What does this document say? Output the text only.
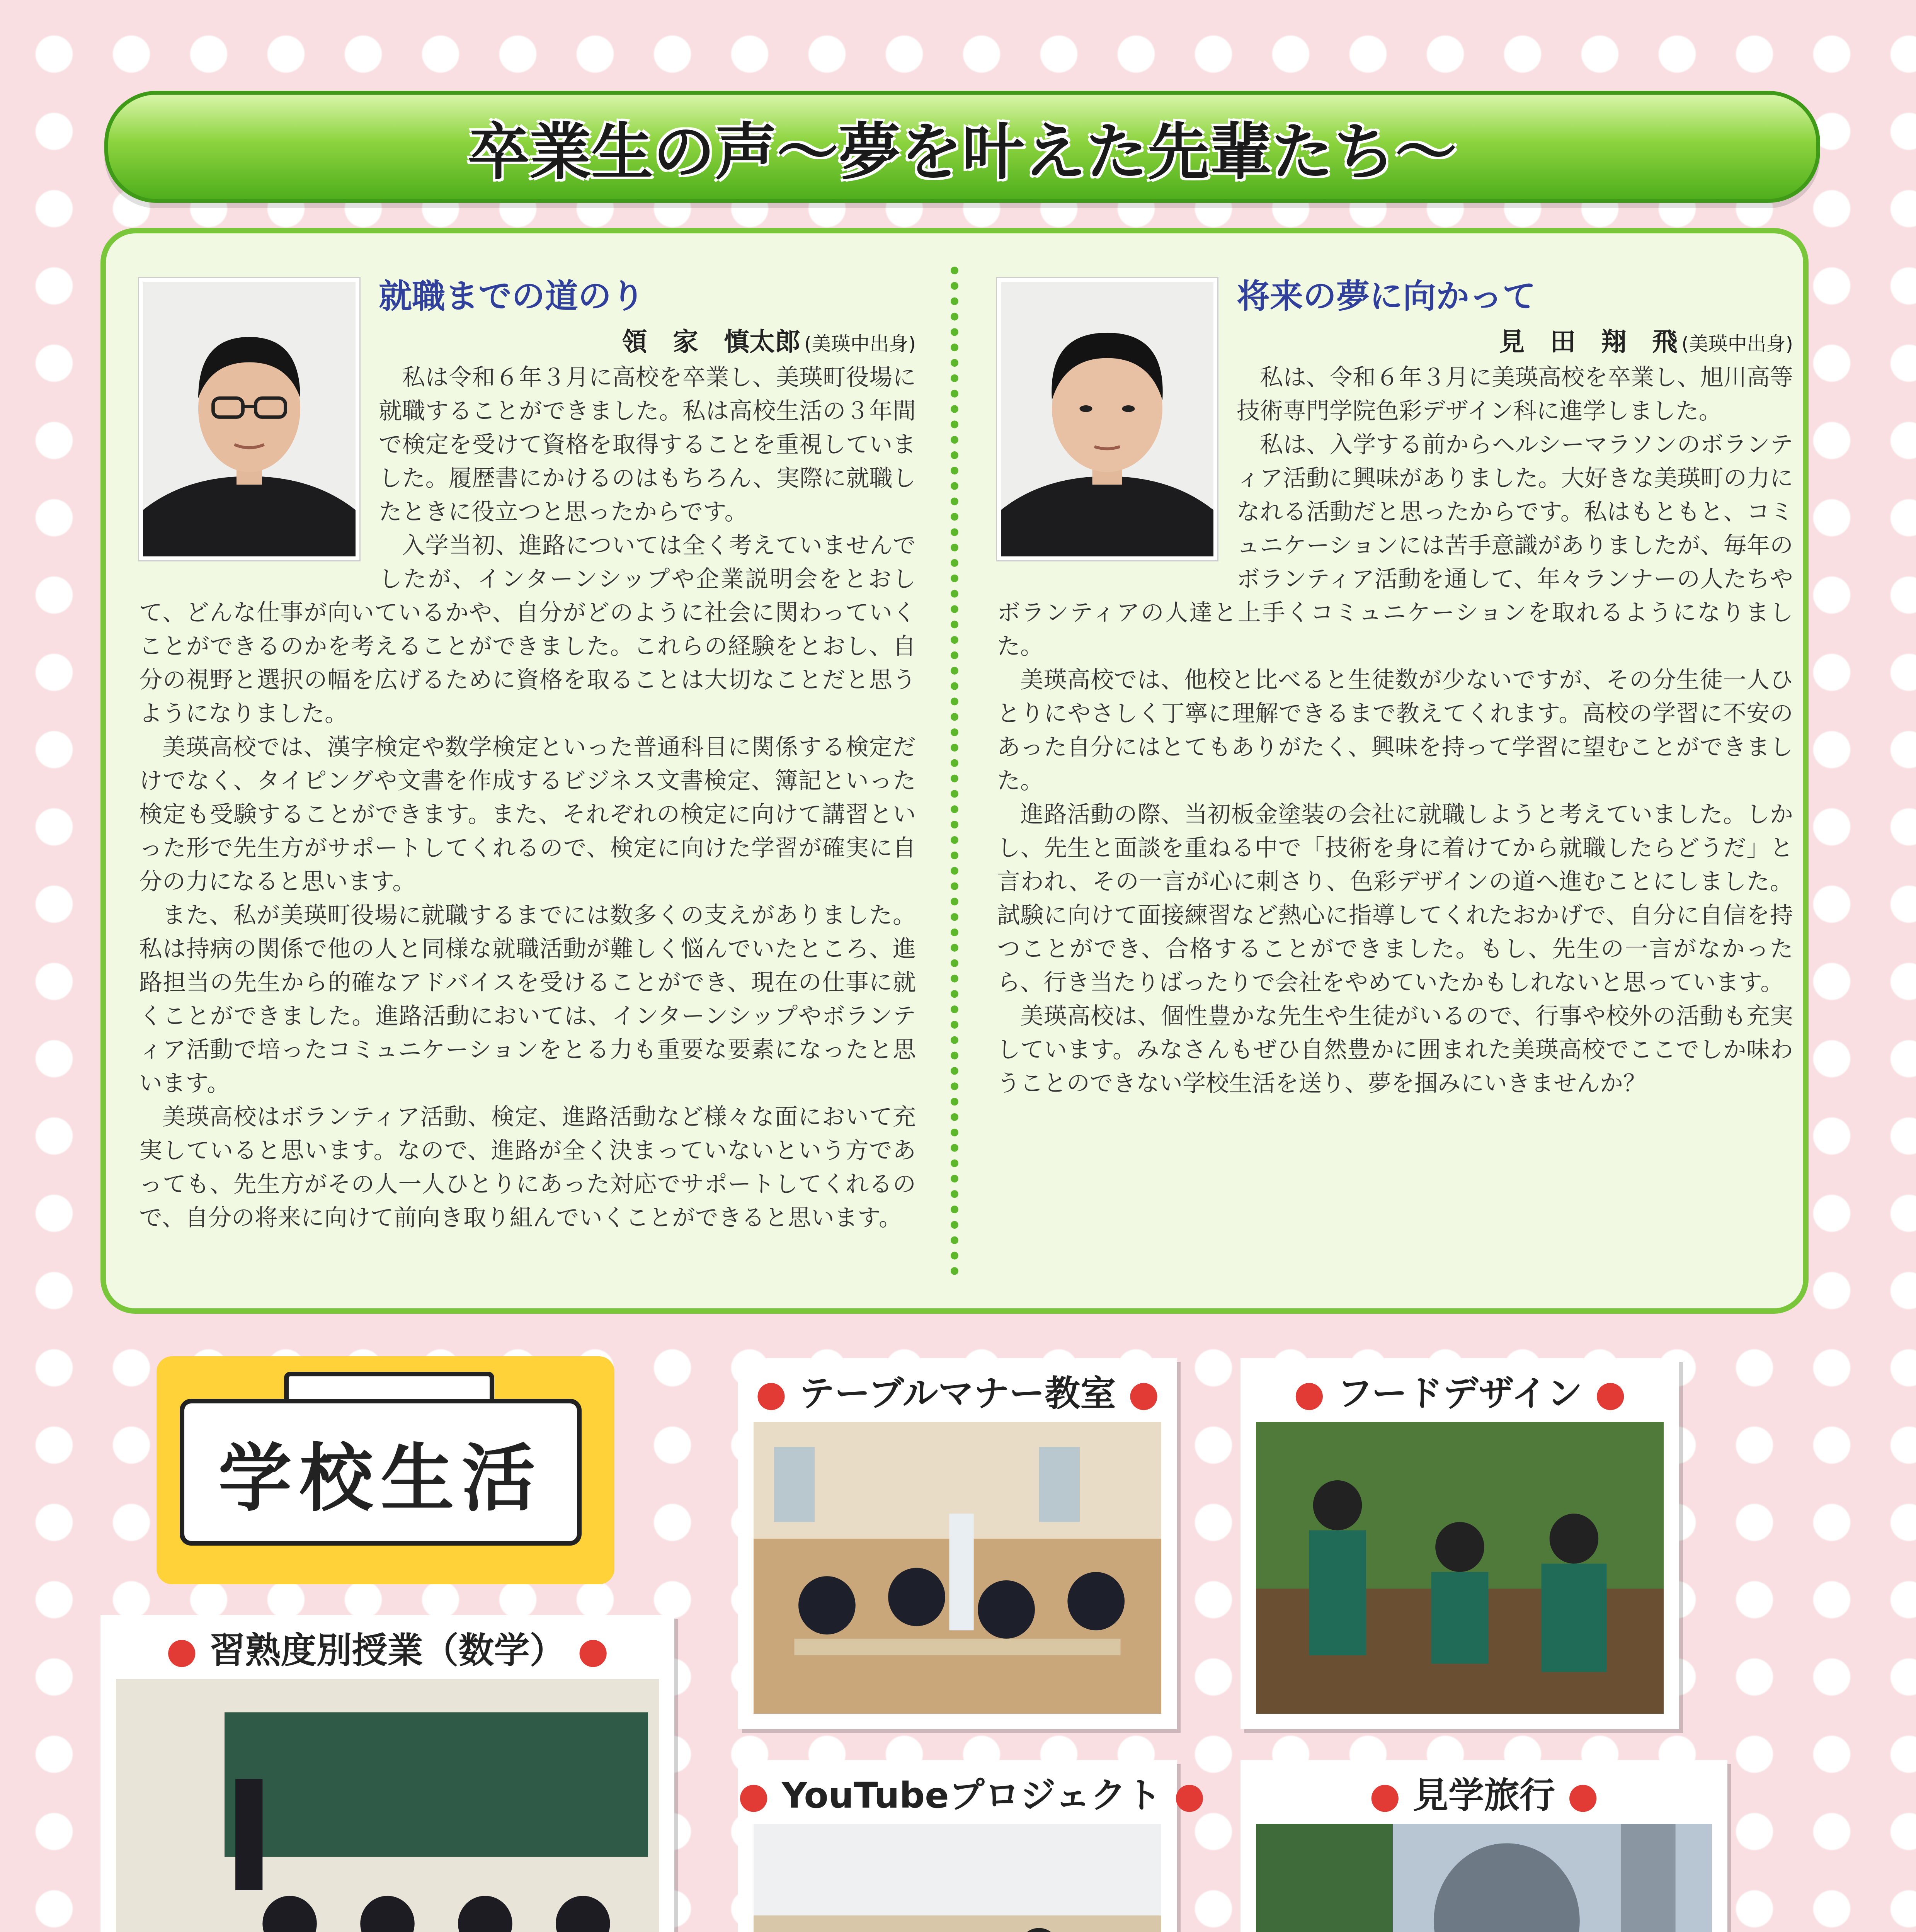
卒業生の声～夢を叶えた先輩たち～
就職までの道のり
領　家　慎太郎 (美瑛中出身)

私は令和６年３月に高校を卒業し、美瑛町役場に就職することができました。私は高校生活の３年間で検定を受けて資格を取得することを重視していました。履歴書にかけるのはもちろん、実際に就職したときに役立つと思ったからです。

入学当初、進路については全く考えていませんでしたが、インターンシップや企業説明会をとおして、どんな仕事が向いているかや、自分がどのように社会に関わっていくことができるのかを考えることができました。これらの経験をとおし、自分の視野と選択の幅を広げるために資格を取ることは大切なことだと思うようになりました。

美瑛高校では、漢字検定や数学検定といった普通科目に関係する検定だけでなく、タイピングや文書を作成するビジネス文書検定、簿記といった検定も受験することができます。また、それぞれの検定に向けて講習といった形で先生方がサポートしてくれるので、検定に向けた学習が確実に自分の力になると思います。

また、私が美瑛町役場に就職するまでには数多くの支えがありました。私は持病の関係で他の人と同様な就職活動が難しく悩んでいたところ、進路担当の先生から的確なアドバイスを受けることができ、現在の仕事に就くことができました。進路活動においては、インターンシップやボランティア活動で培ったコミュニケーションをとる力も重要な要素になったと思います。

美瑛高校はボランティア活動、検定、進路活動など様々な面において充実していると思います。なので、進路が全く決まっていないという方であっても、先生方がその人一人ひとりにあった対応でサポートしてくれるので、自分の将来に向けて前向き取り組んでいくことができると思います。

将来の夢に向かって
見　田　翔　飛 (美瑛中出身)

私は、令和６年３月に美瑛高校を卒業し、旭川高等技術専門学院色彩デザイン科に進学しました。

私は、入学する前からヘルシーマラソンのボランティア活動に興味がありました。大好きな美瑛町の力になれる活動だと思ったからです。私はもともと、コミュニケーションには苦手意識がありましたが、毎年のボランティア活動を通して、年々ランナーの人たちやボランティアの人達と上手くコミュニケーションを取れるようになりました。

美瑛高校では、他校と比べると生徒数が少ないですが、その分生徒一人ひとりにやさしく丁寧に理解できるまで教えてくれます。高校の学習に不安のあった自分にはとてもありがたく、興味を持って学習に望むことができました。

進路活動の際、当初板金塗装の会社に就職しようと考えていました。しかし、先生と面談を重ねる中で「技術を身に着けてから就職したらどうだ」と言われ、その一言が心に刺さり、色彩デザインの道へ進むことにしました。試験に向けて面接練習など熱心に指導してくれたおかげで、自分に自信を持つことができ、合格することができました。もし、先生の一言がなかったら、行き当たりばったりで会社をやめていたかもしれないと思っています。

美瑛高校は、個性豊かな先生や生徒がいるので、行事や校外の活動も充実しています。みなさんもぜひ自然豊かに囲まれた美瑛高校でここでしか味わうことのできない学校生活を送り、夢を掴みにいきませんか？

学校生活
● テーブルマナー教室 ●	● フードデザイン ●
● 習熟度別授業（数学） ●
● YouTubeプロジェクト ●	● 見学旅行 ●
